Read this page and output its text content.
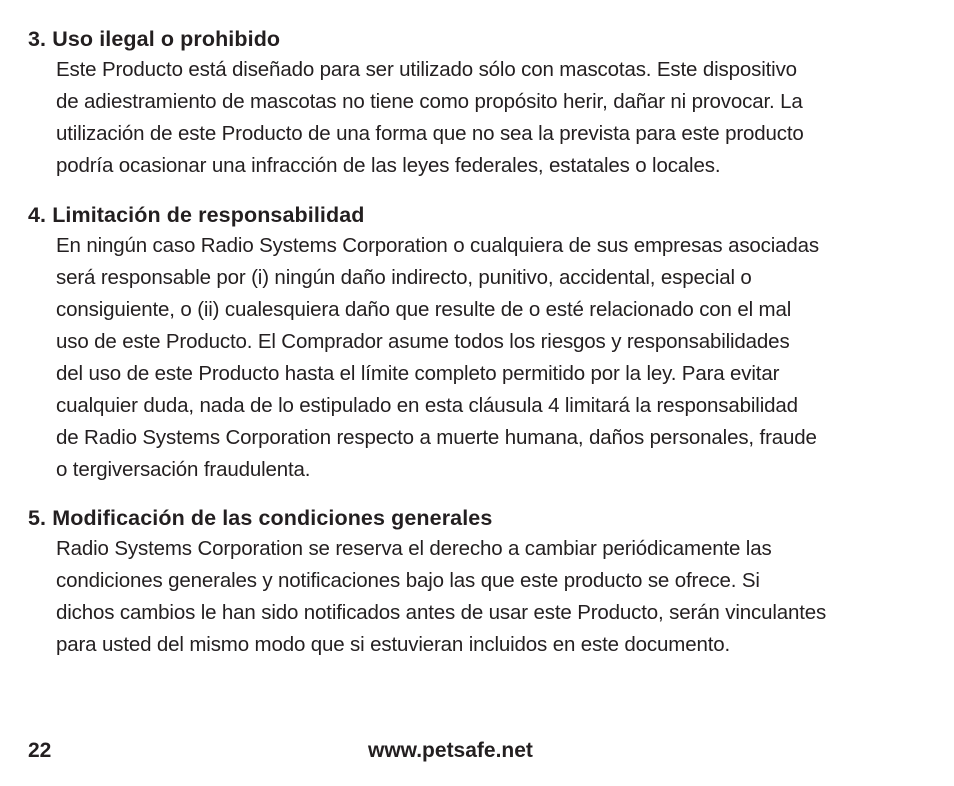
3. Uso ilegal o prohibido

Este Producto está diseñado para ser utilizado sólo con mascotas. Este dispositivo
de adiestramiento de mascotas no tiene como propósito herir, dañar ni provocar. La
utilización de este Producto de una forma que no sea la prevista para este producto
podría ocasionar una infracción de las leyes federales, estatales o locales.

4. Limitación de responsabilidad

En ningún caso Radio Systems Corporation o cualquiera de sus empresas asociadas
será responsable por (i) ningún daño indirecto, punitivo, accidental, especial o
consiguiente, o (ii) cualesquiera daño que resulte de o esté relacionado con el mal
uso de este Producto. El Comprador asume todos los riesgos y responsabilidades
del uso de este Producto hasta el límite completo permitido por la ley. Para evitar
cualquier duda, nada de lo estipulado en esta cláusula 4 limitará la responsabilidad
de Radio Systems Corporation respecto a muerte humana, daños personales, fraude
o tergiversación fraudulenta.

5. Modificación de las condiciones generales

Radio Systems Corporation se reserva el derecho a cambiar periódicamente las
condiciones generales y notificaciones bajo las que este producto se ofrece. Si
dichos cambios le han sido notificados antes de usar este Producto, serán vinculantes
para usted del mismo modo que si estuvieran incluidos en este documento.

22	www.petsafe.net
